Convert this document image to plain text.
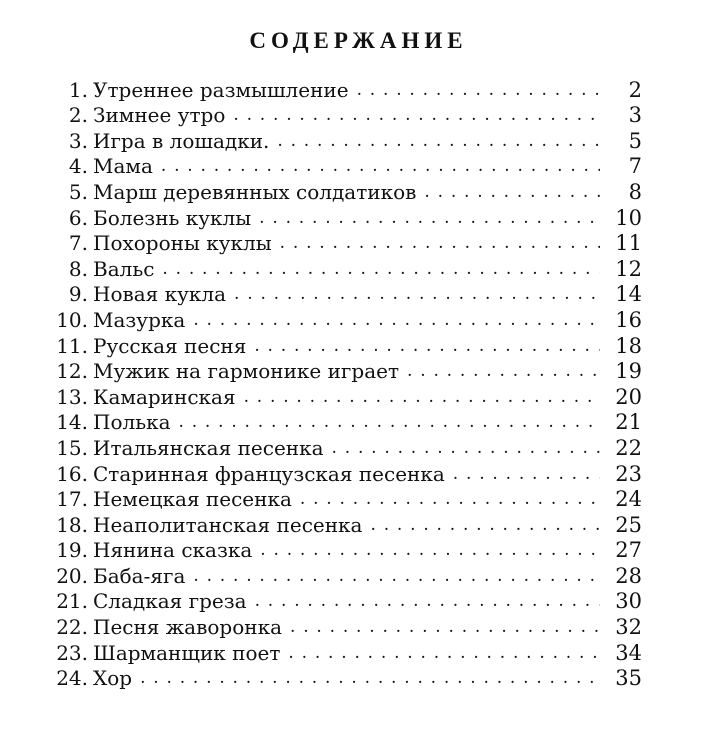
СОДЕРЖАНИЕ
1. Утреннее размышление . . .	2
2. Зимнее утро . . .	3
3. Игра в лошадки. . . .	5
4. Мама . . .	7
5. Марш деревянных солдатиков . . .	8
6. Болезнь куклы . . .	10
7. Похороны куклы . . .	11
8. Вальс . . .	12
9. Новая кукла . . .	14
10. Мазурка . . .	16
11. Русская песня . . .	18
12. Мужик на гармонике играет . . .	19
13. Камаринская . . .	20
14. Полька . . .	21
15. Итальянская песенка . . .	22
16. Старинная французская песенка . . .	23
17. Немецкая песенка . . .	24
18. Неаполитанская песенка . . .	25
19. Нянина сказка . . .	27
20. Баба-яга . . .	28
21. Сладкая греза . . .	30
22. Песня жаворонка . . .	32
23. Шарманщик поет . . .	34
24. Хор . . .	35
